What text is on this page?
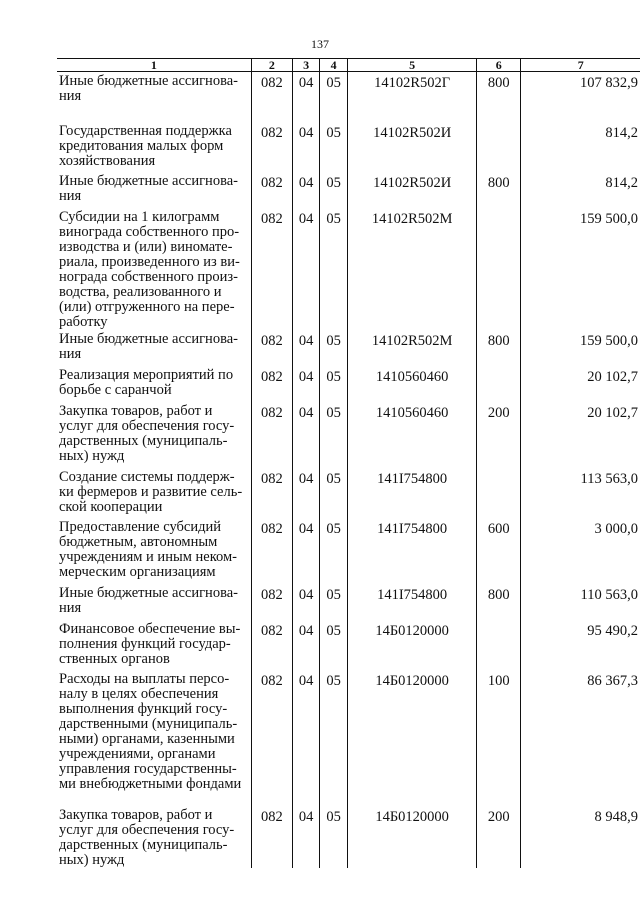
137
1	2	3	4	5	6	7
Иные бюджетные ассигнова-ния	082	04	05	14102R502Г	800	107 832,9
Государственная поддержка кредитования малых форм хозяйствования	082	04	05	14102R502И		814,2
Иные бюджетные ассигнова-ния	082	04	05	14102R502И	800	814,2
Субсидии на 1 килограмм винограда собственного про-изводства и (или) виномате-риала, произведенного из ви-нограда собственного произ-водства, реализованного и (или) отгруженного на пере-работку	082	04	05	14102R502М		159 500,0
Иные бюджетные ассигнова-ния	082	04	05	14102R502М	800	159 500,0
Реализация мероприятий по борьбе с саранчой	082	04	05	1410560460		20 102,7
Закупка товаров, работ и услуг для обеспечения госу-дарственных (муниципаль-ных) нужд	082	04	05	1410560460	200	20 102,7
Создание системы поддерж-ки фермеров и развитие сель-ской кооперации	082	04	05	141I754800		113 563,0
Предоставление субсидий бюджетным, автономным учреждениям и иным неком-мерческим организациям	082	04	05	141I754800	600	3 000,0
Иные бюджетные ассигнова-ния	082	04	05	141I754800	800	110 563,0
Финансовое обеспечение вы-полнения функций государ-ственных органов	082	04	05	14Б0120000		95 490,2
Расходы на выплаты персо-налу в целях обеспечения выполнения функций госу-дарственными (муниципаль-ными) органами, казенными учреждениями, органами управления государственны-ми внебюджетными фондами	082	04	05	14Б0120000	100	86 367,3
Закупка товаров, работ и услуг для обеспечения госу-дарственных (муниципаль-ных) нужд	082	04	05	14Б0120000	200	8 948,9
